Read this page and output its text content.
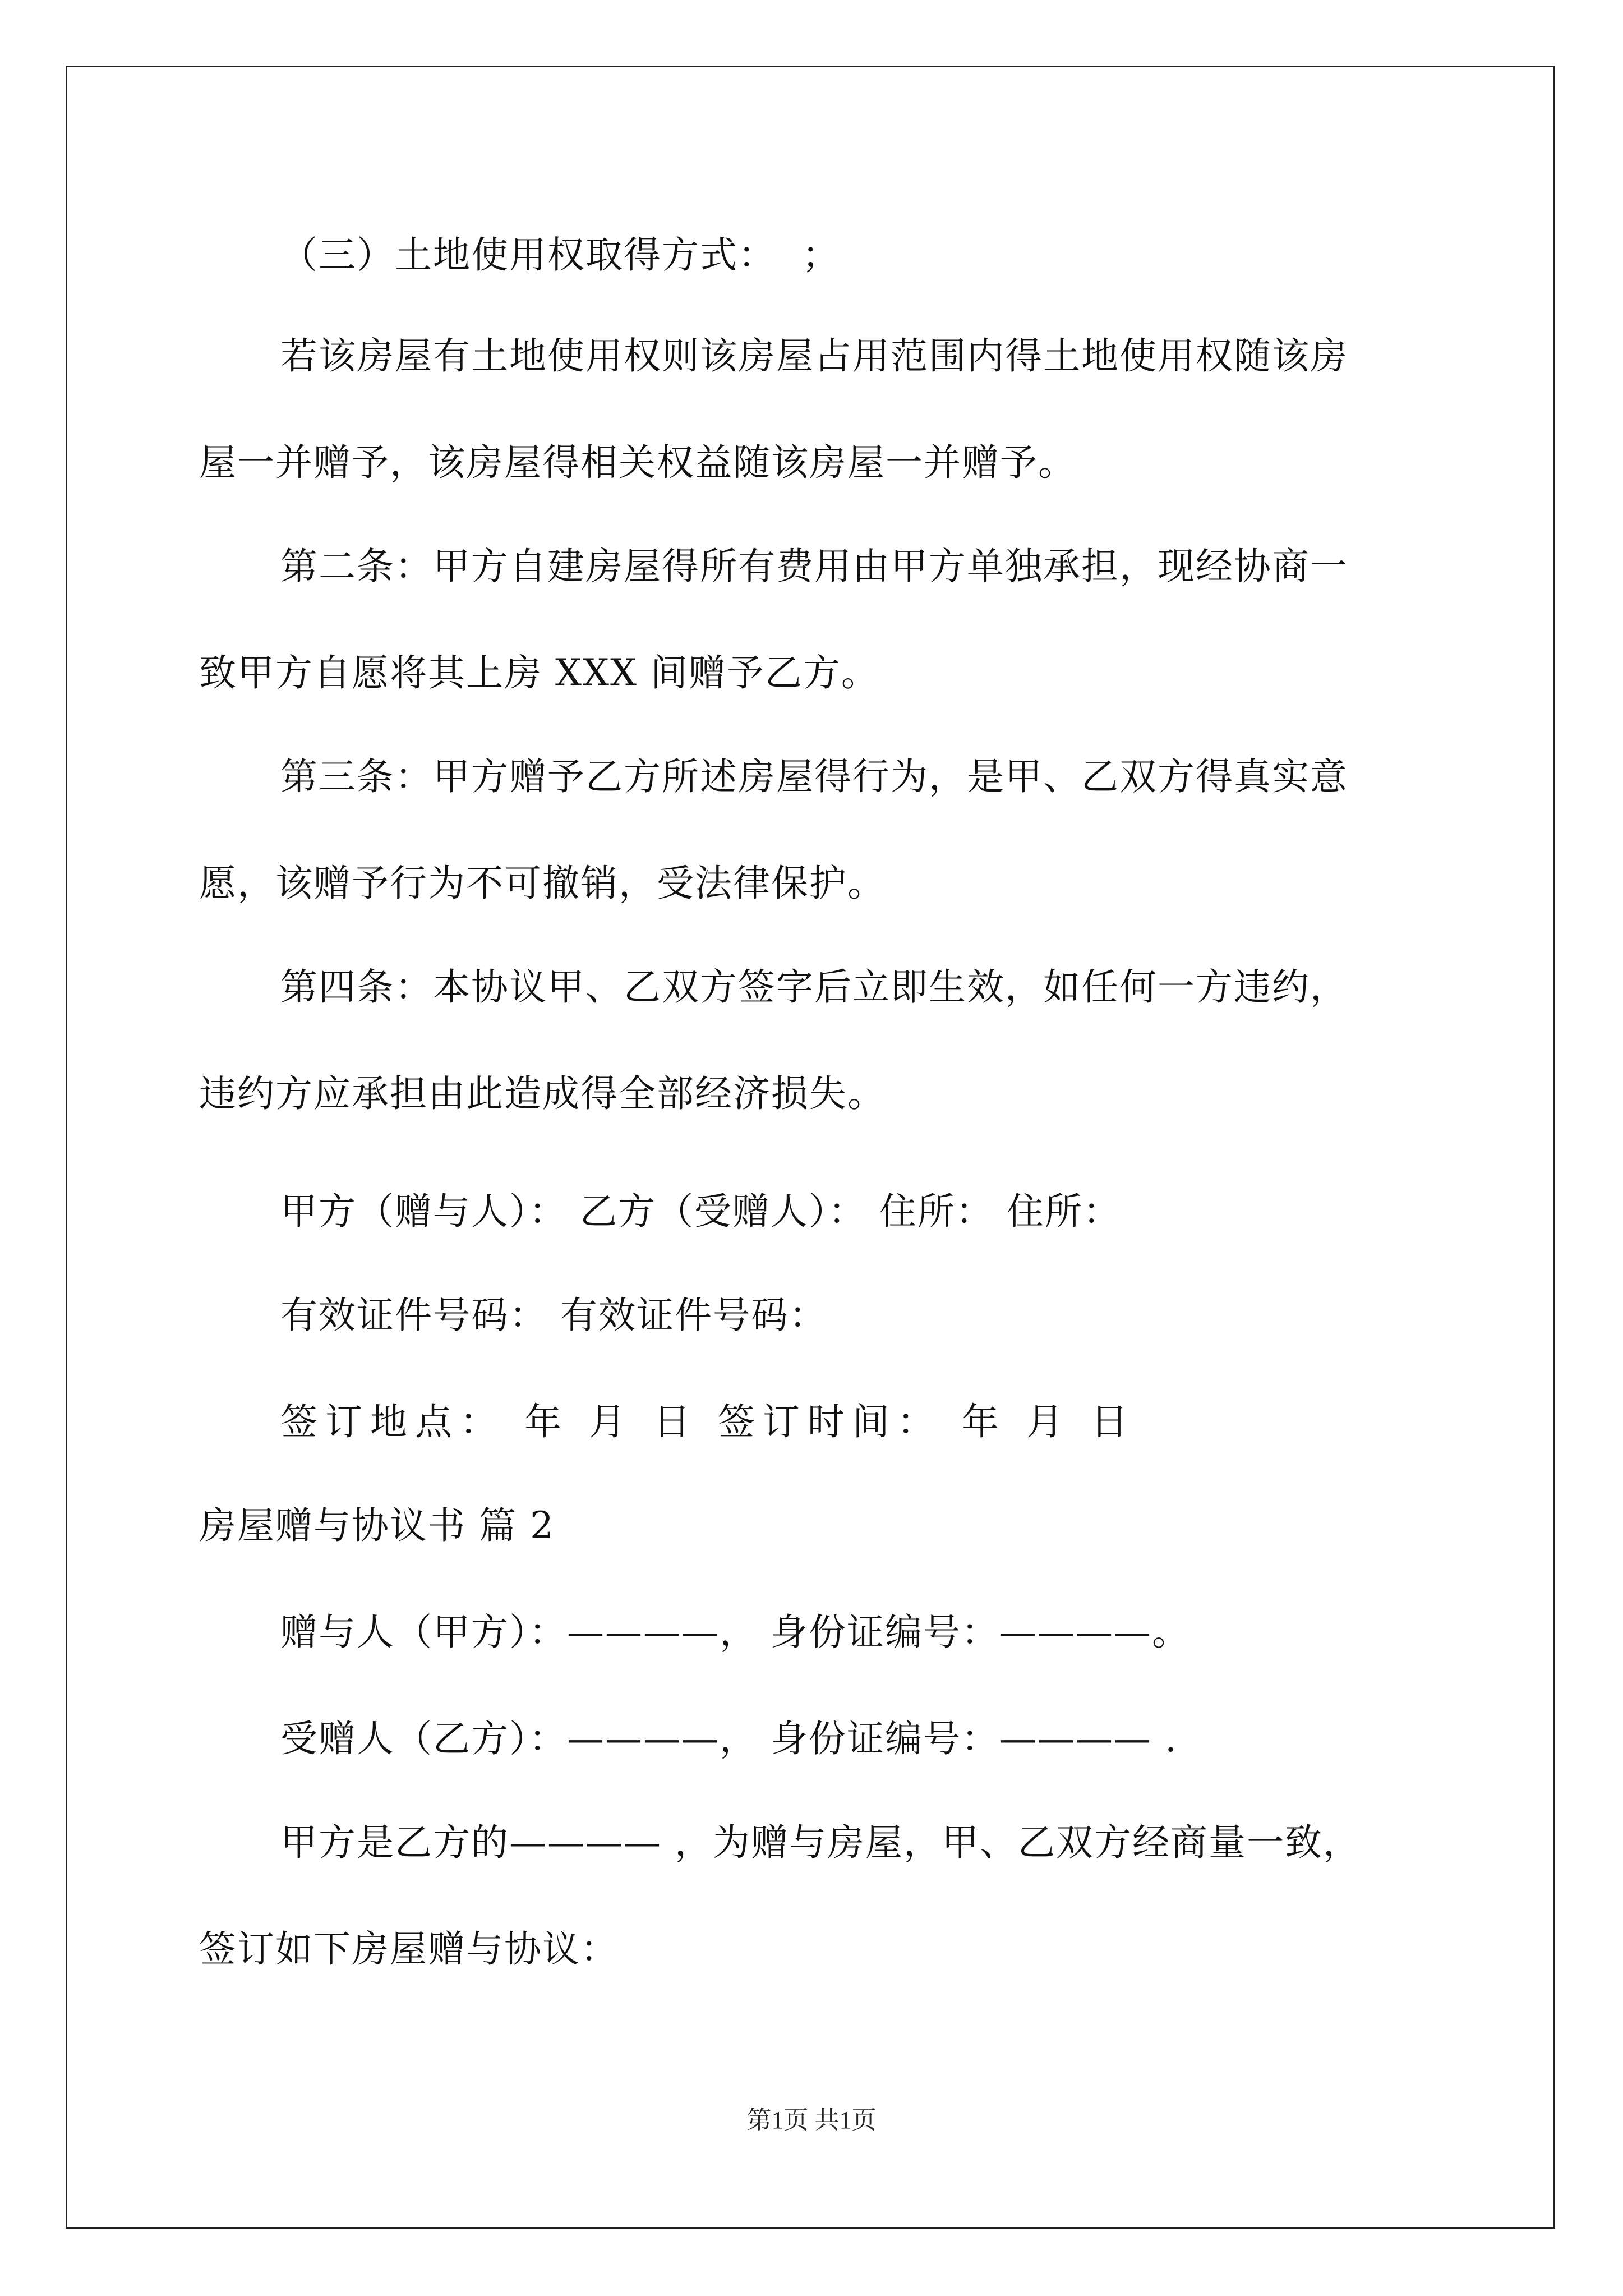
（三）土地使用权取得方式：  ；
若该房屋有土地使用权则该房屋占用范围内得土地使用权随该房
屋一并赠予，该房屋得相关权益随该房屋一并赠予。
第二条：甲方自建房屋得所有费用由甲方单独承担，现经协商一
致甲方自愿将其上房 XXX 间赠予乙方。
第三条：甲方赠予乙方所述房屋得行为，是甲、乙双方得真实意
愿，该赠予行为不可撤销，受法律保护。
第四条：本协议甲、乙双方签字后立即生效，如任何一方违约，
违约方应承担由此造成得全部经济损失。
甲方（赠与人）： 乙方（受赠人）： 住所： 住所：
有效证件号码： 有效证件号码：
签订地点： 年 月 日 签订时间： 年 月 日
房屋赠与协议书 篇 2
赠与人（甲方）：————， 身份证编号：————。
受赠人（乙方）：————， 身份证编号：———— .
甲方是乙方的———— ，为赠与房屋，甲、乙双方经商量一致，
签订如下房屋赠与协议：
第1页 共1页
